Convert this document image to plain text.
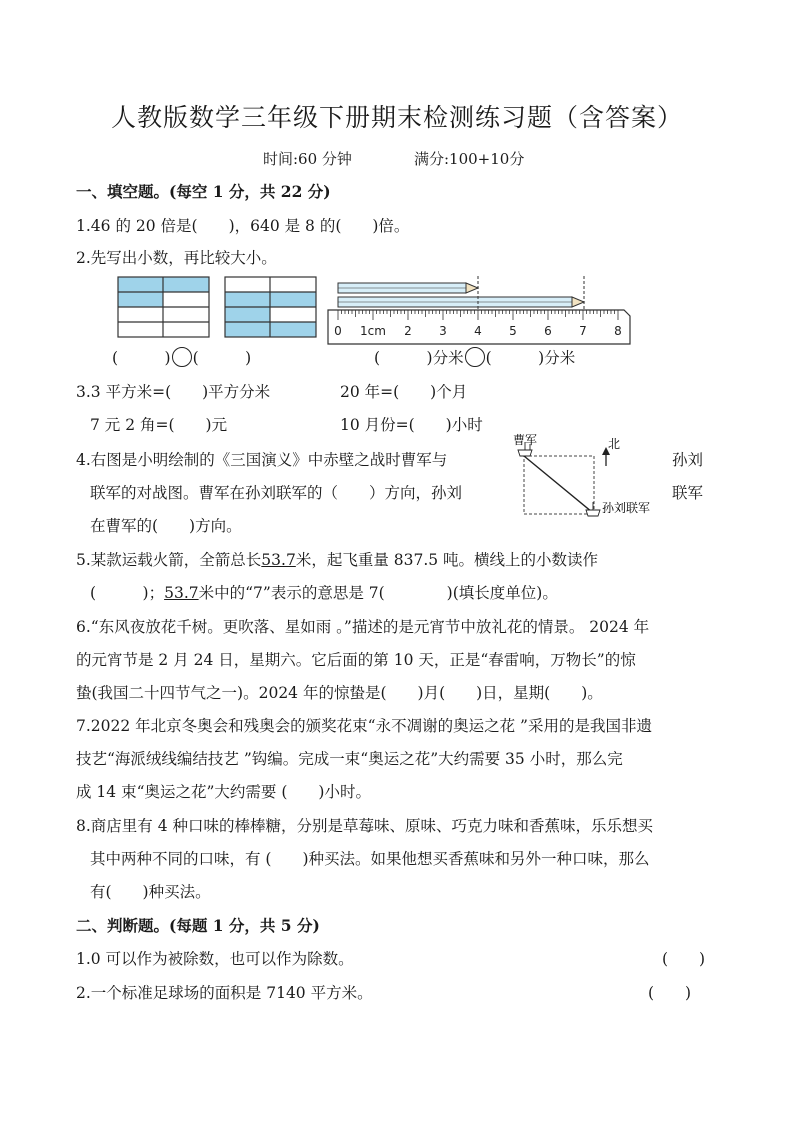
人教版数学三年级下册期末检测练习题（含答案）
时间:60 分钟	满分:100+10分
一、填空题。(每空 1 分，共 22 分)
1.46 的 20 倍是(　　)，640 是 8 的(　　)倍。
2.先写出小数，再比较大小。
0 1cm 2 3 4 5 6 7 8
(　　　) (　　　)	(　　　)分米 (　　　)分米
3.3 平方米=(　　)平方分米	20 年=(　　)个月
7 元 2 角=(　　)元	10 月份=(　　)小时
4.右图是小明绘制的《三国演义》中赤壁之战时曹军与	孙刘
联军的对战图。曹军在孙刘联军的（　　）方向，孙刘	联军
在曹军的(　　)方向。
曹军	北
孙刘联军
5.某款运载火箭，全箭总长53.7米，起飞重量 837.5 吨。横线上的小数读作
(　　　)；53.7米中的“7”表示的意思是 7(　　　　)(填长度单位)。
6.“东风夜放花千树。更吹落、星如雨 。”描述的是元宵节中放礼花的情景。 2024 年
的元宵节是 2 月 24 日，星期六。它后面的第 10 天，正是“春雷响，万物长”的惊
蛰(我国二十四节气之一)。2024 年的惊蛰是(　　)月(　　)日，星期(　　)。
7.2022 年北京冬奥会和残奥会的颁奖花束“永不凋谢的奥运之花 ”采用的是我国非遗
技艺“海派绒线编结技艺 ”钩编。完成一束“奥运之花”大约需要 35 小时，那么完
成 14 束“奥运之花”大约需要 (　　)小时。
8.商店里有 4 种口味的棒棒糖，分别是草莓味、原味、巧克力味和香蕉味，乐乐想买
其中两种不同的口味，有 (　　)种买法。如果他想买香蕉味和另外一种口味，那么
有(　　)种买法。
二、判断题。(每题 1 分，共 5 分)
1.0 可以作为被除数，也可以作为除数。	(　　)
2.一个标准足球场的面积是 7140 平方米。	(　　)
